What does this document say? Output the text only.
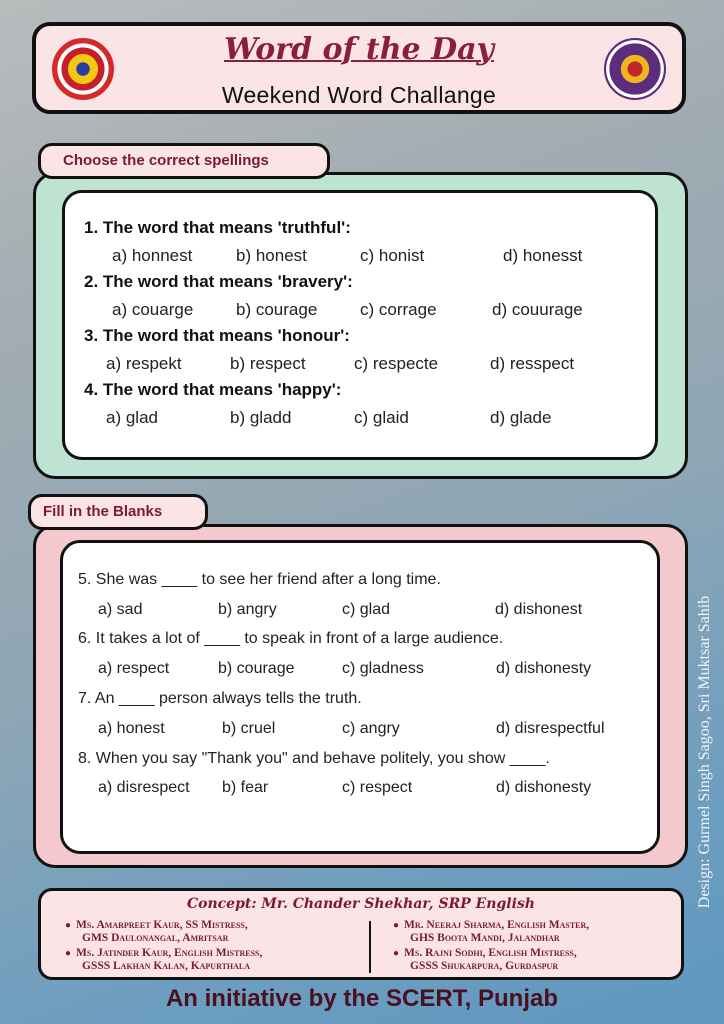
Word of the Day
Weekend Word Challange
Choose the correct spellings
1. The word that means 'truthful':
a) honnest	b) honest	c) honist	d) honesst
2. The word that means 'bravery':
a) couarge	b) courage	c) corrage	d) couurage
3. The word that means 'honour':
a) respekt	b) respect	c) respecte	d) resspect
4. The word that means 'happy':
a) glad	b) gladd	c) glaid	d) glade
Fill in the Blanks
5. She was ____ to see her friend after a long time.
a) sad	b) angry	c) glad	d) dishonest
6. It takes a lot of ____ to speak in front of a large audience.
a) respect	b) courage	c) gladness	d) dishonesty
7. An ____ person always tells the truth.
a) honest	b) cruel	c) angry	d) disrespectful
8. When you say "Thank you" and behave politely, you show ____.
a) disrespect b) fear	c) respect	d) dishonesty	Design: Gurmel Singh Sagoo, Sri Muktsar Sahib
Concept: Mr. Chander Shekhar, SRP English
● Ms. Amarpreet Kaur, SS Mistress,
GMS Daulonangal, Amritsar
● Ms. Jatinder Kaur, English Mistress,
GSSS Lakhan Kalan, Kapurthala
● Mr. Neeraj Sharma, English Master,
GHS Boota Mandi, Jalandhar
● Ms. Rajni Sodhi, English Mistress,
GSSS Shukarpura, Gurdaspur
An initiative by the SCERT, Punjab
